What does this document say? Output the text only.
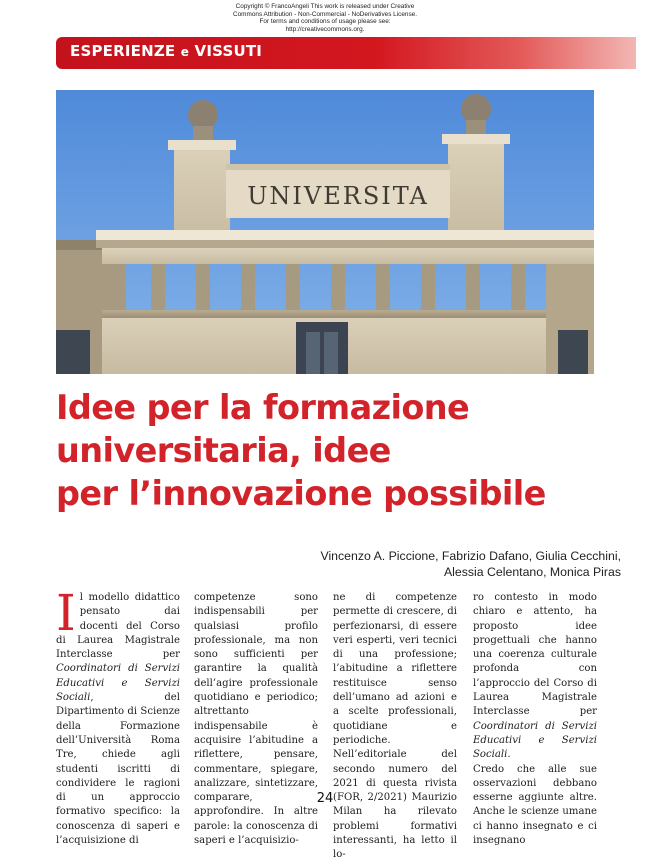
Copyright © FrancoAngeli This work is released under Creative
Commons Attribution - Non-Commercial - NoDerivatives License.
For terms and conditions of usage please see:
http://creativecommons.org.
ESPERIENZE e VISSUTI
UNIVERSITA
Idee per la formazione
universitaria, idee
per l’innovazione possibile
Vincenzo A. Piccione, Fabrizio Dafano, Giulia Cecchini,
Alessia Celentano, Monica Piras

Il modello didattico pensato dai docenti del Corso di Laurea Magistrale Interclasse per Coordinatori di Servizi Educativi e Servizi Sociali, del Dipartimento di Scienze della Formazione dell’Università Roma Tre, chiede agli studenti iscritti di condividere le ragioni di un approccio formativo specifico: la conoscenza di saperi e l’acquisizione di

competenze sono indispensabili per qualsiasi profilo professionale, ma non sono sufficienti per garantire la qualità dell’agire professionale quotidiano e periodico; altrettanto indispensabile è acquisire l’abitudine a riflettere, pensare, commentare, spiegare, analizzare, sintetizzare, comparare, approfondire. In altre parole: la conoscenza di saperi e l’acquisizio-

ne di competenze permette di crescere, di perfezionarsi, di essere veri esperti, veri tecnici di una professione; l’abitudine a riflettere restituisce senso dell’umano ad azioni e a scelte professionali, quotidiane e periodiche. Nell’editoriale del secondo numero del 2021 di questa rivista (FOR, 2/2021) Maurizio Milan ha rilevato problemi formativi interessanti, ha letto il lo-

ro contesto in modo chiaro e attento, ha proposto idee progettuali che hanno una coerenza culturale profonda con l’approccio del Corso di Laurea Magistrale Interclasse per Coordinatori di Servizi Educativi e Servizi Sociali.

Credo che alle sue osservazioni debbano esserne aggiunte altre. Anche le scienze umane ci hanno insegnato e ci insegnano

24
